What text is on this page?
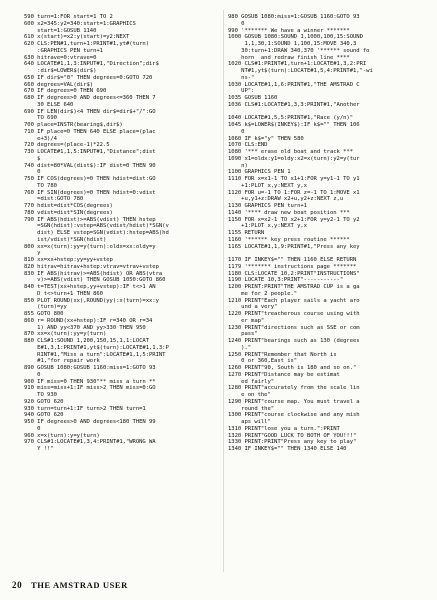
590 turn=1:FOR start=1 TO 2
600 x2=345:y2=340:start=1:GRAPHICS
start=1:GOSUB 1140
610 x(start)=x2:y(start)=y2:NEXT
620 CLS:PEN#1,turn+1:PRINT#1,yt#(turn)
:GRAPHICS PEN turn+1
630 hitrave=0:vtrave=0
640 LOCATE#1,1,3:INPUT#1,"Direction";dir$
:dir$=LOWER$(dir$)
650 IF dir$="0" THEN degrees=0:GOTO 720
660 degrees=VAL(dir$)
670 IF degrees=0 THEN 690
680 IF degrees>0 AND degrees<=360 THEN 7
30 ELSE 640
690 IF LEN(dir$)<4 THEN dir$=dir$+"/":GO
TO 690
700 place=INSTR(bearing$,dir$)
710 IF place=0 THEN 640 ELSE place=(plac
e+3)/4
720 degrees=(place-1)*22.5
730 LOCATE#1,1,5:INPUT#1,"Distance";dist
$
740 dist=80*VAL(dist$):IF dist=0 THEN 90
0
750 IF COS(degrees)=0 THEN hdist=dist:GO
TO 780
760 IF SIN(degrees)=0 THEN hdist=0:vdist
=dist:GOTO 780
770 hdist=dist*COS(degrees)
780 vdist=dist*SIN(degrees)
790 IF ABS(hdist)>=ABS(vdist) THEN hstep
=SGN(hdist):vstep=ABS(vdist/hdist)*SGN(v
dist) ELSE vstep=SGN(vdist):hstep=ABS(hd
ist/vdist)*SGN(hdist)
800 xx=x(turn):yy=y(turn):oldx=xx:oldy=y
y
810 xx=xx+hstep:yy=yy+vstep
820 hitrav=hitrav+hstep:vtrav=vtrav+vstep
830 IF ABS(hitrav)>=ABS(hdist) OR ABS(vtra
v)>=ABS(vdist) THEN GOSUB 1050:GOTO 860
840 t=TEST(xx+hstep,yy+vstep):IF t<>1 AN
D t<>turn+1 THEN 860
850 PLOT ROUND(xx),ROUND(yy):x(turn)=xx:y
(turn)=yy
855 GOTO 800
860 r= ROUND(xx+hstep):IF r=340 OR r=34
1) AND yy<370 AND yy>330 THEN 950
870 xx=x(turn):yy=y(turn)
880 CLS#1:SOUND 1,200,150,15,1,1:LOCAT
E#1,3,1:PRINT#1,yt$(turn):LOCATE#1,1,3:P
RINT#1,"Miss a turn":LOCATE#1,1,5:PRINT
#1,"for repair work
890 GOSUB 1080:GOSUB 1160:miss=1:GOTO 93
0
900 IF miss=0 THEN 930"** miss a turn **
910 miss=miss+1:IF miss>2 THEN miss=0:GO
TO 930
920 GOTO 620
930 turn=turn+1:IF turn>2 THEN turn=1
940 GOTO 620
950 IF degrees>0 AND degrees<180 THEN 99
0
960 x=x(turn):y=y(turn)
970 CLS#1:LOCATE#1,3,4:PRINT#1,"WRONG WA
Y !!"
980 GOSUB 1080:miss=1:GOSUB 1160:GOTO 93
0
990 '******* We have a winner *******
1000 GOSUB 1080:SOUND 1,1000,100,15:SOUND
1,1,30,1:SOUND 1,100,15:MOVE 340,3
30:turn+1:DRAW 340,370 '****** sound fo
horn  and redraw finish line ****
1020 CLS#1:PRINT#1,turn+1:LOCATE#1,3,2:PRI
NT#1,yt$(turn):LOCATE#1,5,4:PRINT#1,"-wi
ns-"
1030 LOCATE#1,1,6:PRINT#1,"THE AMSTRAD C
UP":
1035 GOSUB 1160
1036 CLS#1:LOCATE#1,3,3:PRINT#1,"Another
1040 LOCATE#1,5,5:PRINT#1,"Race (y/n)"
1045 k$=LOWER$(INKEY$):IF k$="" THEN 106
0
1060 IF k$="y" THEN 580
1070 CLS:END
1080 '*** erase old boat and track ***
1090 x1=oldx:y1=oldy:x2=x(turn):y2=y(tur
n)
1100 GRAPHICS PEN 1
1110 FOR x=x1-1 TO x1+1:FOR y=y1-1 TO y1
+1:PLOT x,y:NEXT y,x
1120 FOR u=-1 TO 1:FOR z=-1 TO 1:MOVE x1
+u,y1+z:DRAW x2+u,y2+z:NEXT z,u
1130 GRAPHICS PEN turn+1
1140 '**** draw new boat position ***
1150 FOR x=x2-1 TO x2+1:FOR y=y2-1 TO y2
+1:PLOT x,y:NEXT y,x
1155 RETURN
1160 '****** key press routine ******
1165 LOCATE#1,1,9:PRINT#1,"Press any key
1170 IF INKEY$="" THEN 1160 ELSE RETURN
1179 '******* instructions page *******
1180 CLS:LOCATE 10,2:PRINT"INSTRUCTIONS"
1190 LOCATE 10,3:PRINT"-----------"
1200 PRINT:PRINT"THE AMSTRAD CUP is a ga
me for 2 people."
1210 PRINT"Each player sails a yacht aro
und a very"
1220 PRINT"treacherous course using with
er map"
1230 PRINT"directions such as SSE or com
pass"
1240 PRINT"bearings such as 130 (degrees
)."
1250 PRINT"Remember that North is
0 or 360,East is"
1260 PRINT"90, South is 180 and so on."
1270 PRINT"Distance may be estimat
ed fairly"
1280 PRINT"accurately from the scale lin
e on the"
1290 PRINT"course map. You must travel a
round the"
1300 PRINT"course clockwise and any mish
aps will"
1310 PRINT"lose you a turn.":PRINT
1320 PRINT"GOOD LUCK TO BOTH OF YOU!!!"
1330 PRINT:PRINT"Press any key to play"
1340 IF INKEY$="" THEN 1340 ELSE 140
20 THE AMSTRAD USER
